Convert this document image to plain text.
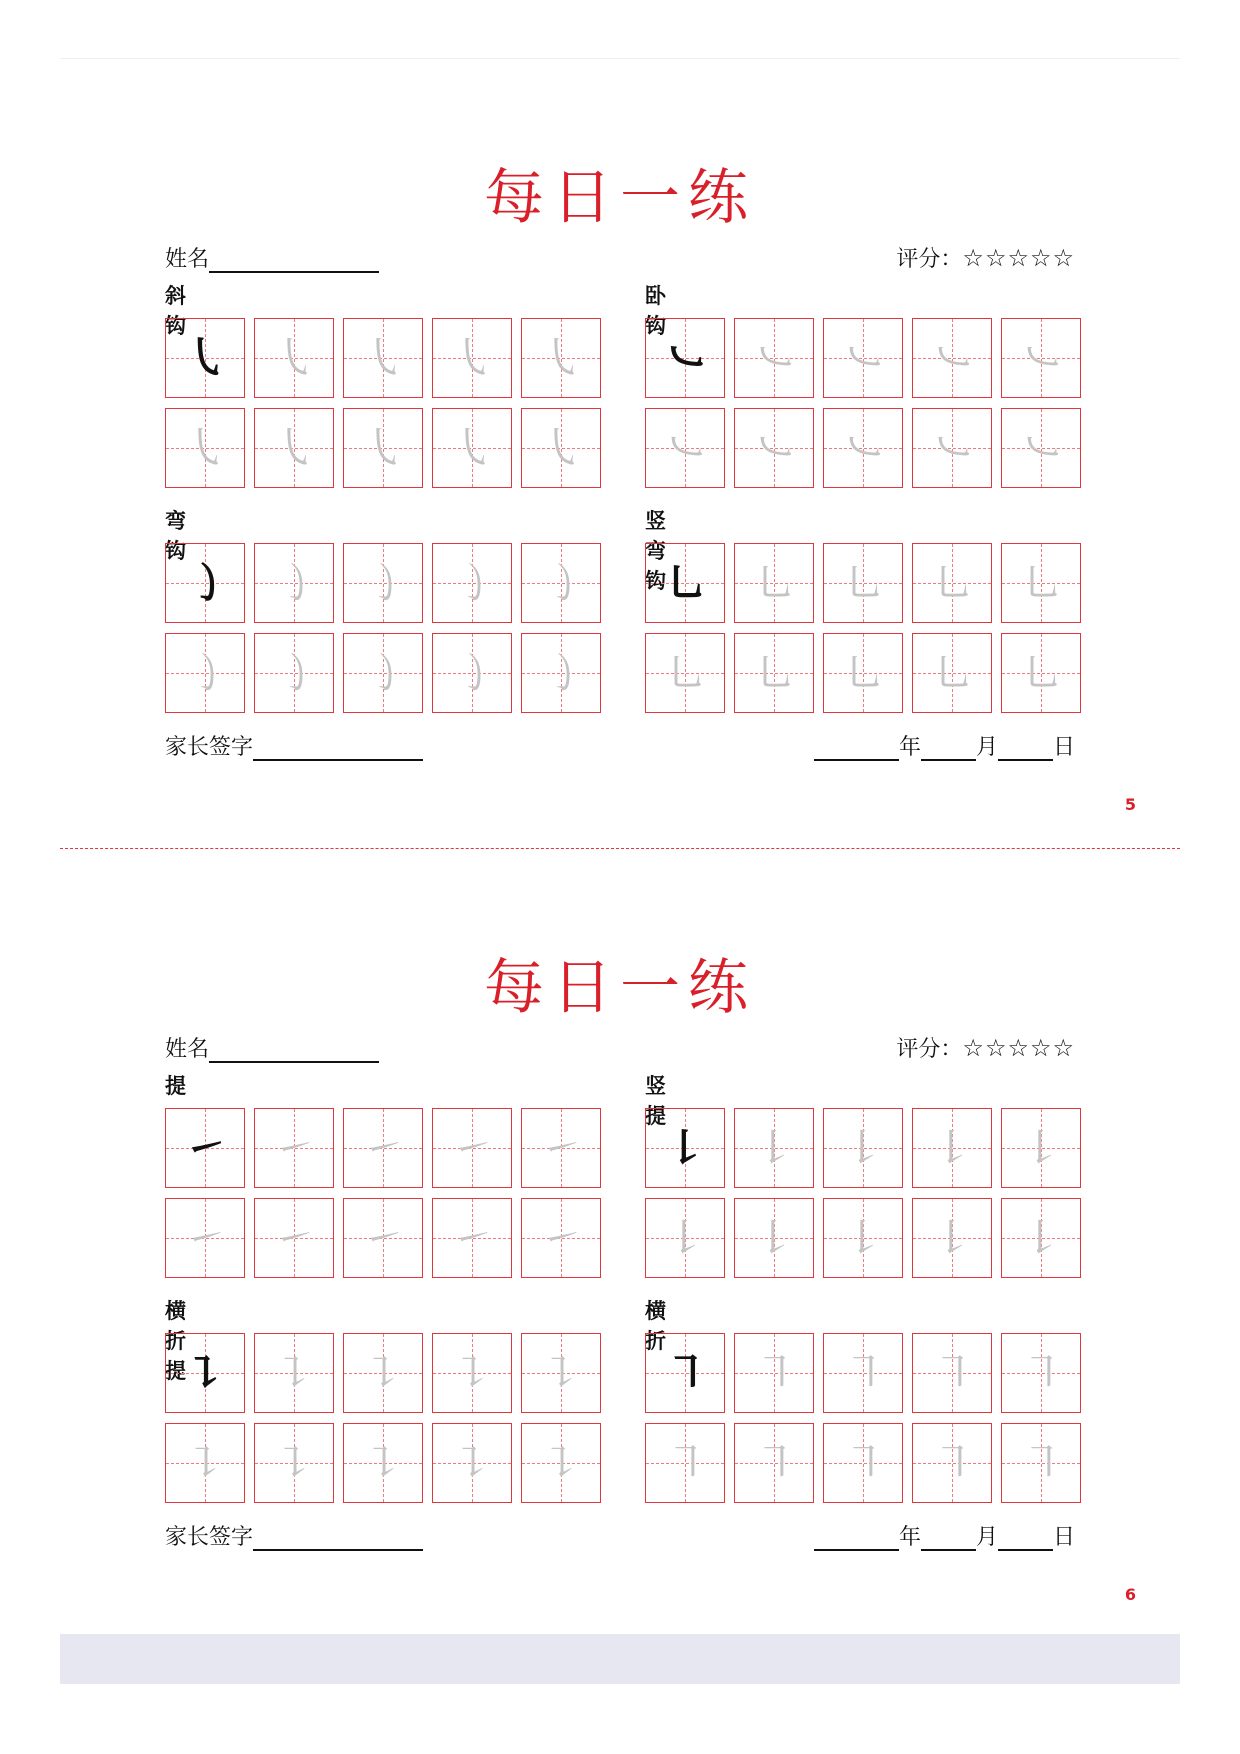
每日一练
姓名	评分：☆☆☆☆☆
斜钩
㇂	㇂	㇂	㇂	㇂
㇂	㇂	㇂	㇂	㇂
卧钩
㇃	㇃	㇃	㇃	㇃
㇃	㇃	㇃	㇃	㇃
弯钩
㇁	㇁	㇁	㇁	㇁
㇁	㇁	㇁	㇁	㇁
竖弯钩
㇟	㇟	㇟	㇟	㇟
㇟	㇟	㇟	㇟	㇟
家长签字	年	月	日
5
每日一练
姓名	评分：☆☆☆☆☆
提
㇀	㇀	㇀	㇀	㇀
㇀	㇀	㇀	㇀	㇀
竖提
㇙	㇙	㇙	㇙	㇙
㇙	㇙	㇙	㇙	㇙
横折提
㇊	㇊	㇊	㇊	㇊
㇊	㇊	㇊	㇊	㇊
横折
㇕	㇕	㇕	㇕	㇕
㇕	㇕	㇕	㇕	㇕
家长签字	年	月	日
6
